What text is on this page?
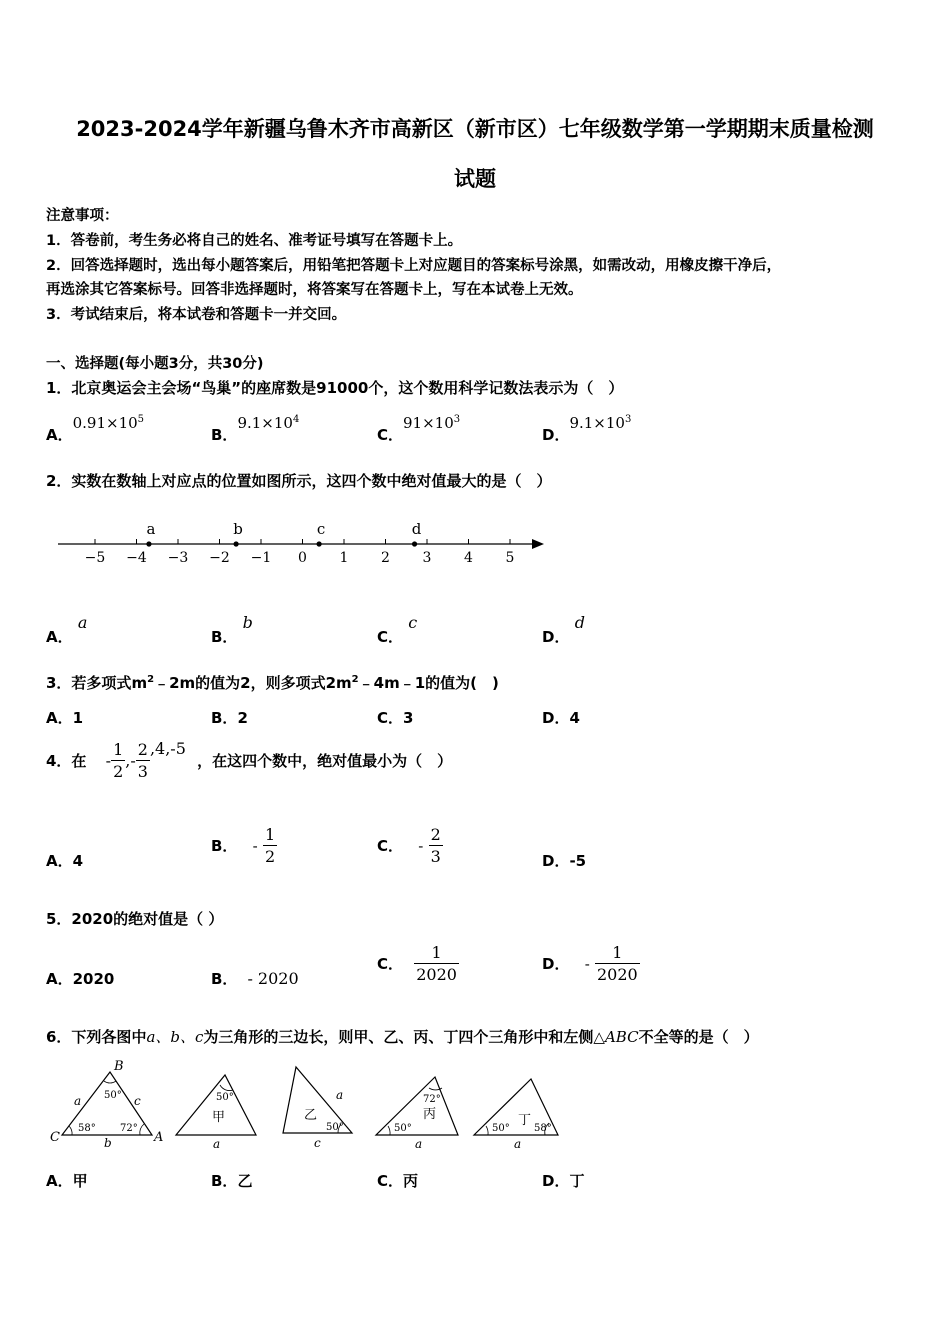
2023-2024学年新疆乌鲁木齐市高新区（新市区）七年级数学第一学期期末质量检测
试题
注意事项：
1．答卷前，考生务必将自己的姓名、准考证号填写在答题卡上。
2．回答选择题时，选出每小题答案后，用铅笔把答题卡上对应题目的答案标号涂黑，如需改动，用橡皮擦干净后，
再选涂其它答案标号。回答非选择题时，将答案写在答题卡上，写在本试卷上无效。
3．考试结束后，将本试卷和答题卡一并交回。
一、选择题(每小题3分，共30分)
1．北京奥运会主会场“鸟巢”的座席数是91000个，这个数用科学记数法表示为（　）
A．$0.91\times 10^5$
B．$9.1\times 10^4$
C．$91\times 10^3$
D．$9.1\times 10^3$
2．实数在数轴上对应点的位置如图所示，这四个数中绝对值最大的是（　）
−5 −4 −3 −2 −1 0 1 2 3 4 5
a	b	c	d
A． a
B． b
C． c
D． d
3．若多项式$m^2﹣2m$的值为2，则多项式$2m^2﹣4m﹣1$的值为(　)
A．1	B．2	C．3	D．4
4．在 - $\frac{1}{2}$ ,- $\frac{2}{3} ,4,-5$ ，在这四个数中，绝对值最小为（　）
A．4
B． - $\frac{1}{2}$	C． - $\frac{2}{3}$	D．-5
5．2020的绝对值是（ ）
A．2020	B． - 2020
C． $\frac{1}{2020}$	D． - $\frac{1}{2020}$
6．下列各图中a、b、c为三角形的三边长，则甲、乙、丙、丁四个三角形中和左侧△ABC不全等的是（　）
B
C	A
a
b
c
50°
58° 72°
50°
甲
a
50°
乙
a
c
72°
丙
50°
a
50°
丁
58°
a
A．甲	B．乙	C．丙	D．丁
